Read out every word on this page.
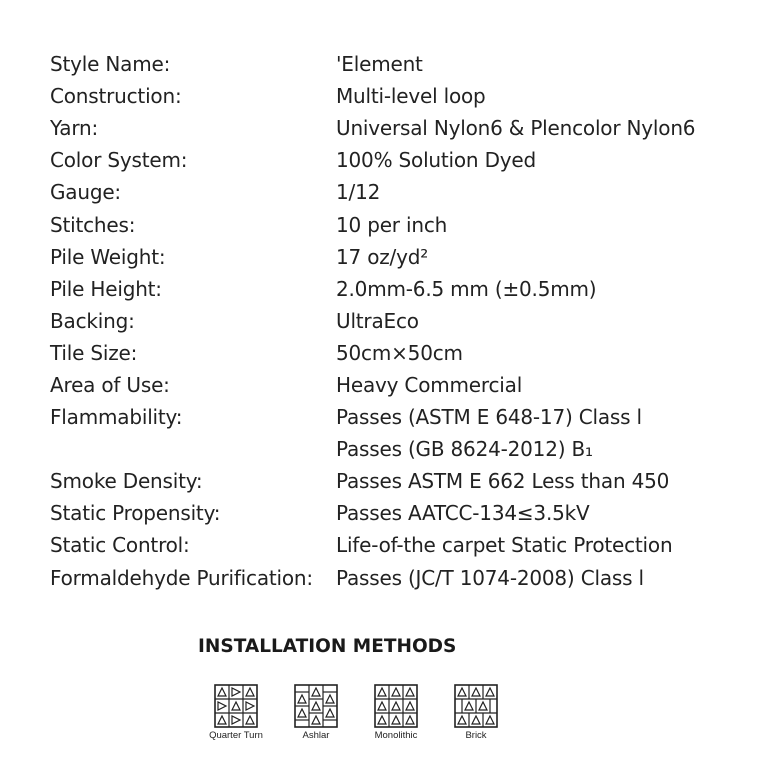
Style Name:	'Element
Construction:	Multi-level loop
Yarn:	Universal Nylon6 & Plencolor Nylon6
Color System:	100% Solution Dyed
Gauge:	1/12
Stitches:	10 per inch
Pile Weight:	17 oz/yd²
Pile Height:	2.0mm-6.5 mm (±0.5mm)
Backing:	UltraEco
Tile Size:	50cm×50cm
Area of Use:	Heavy Commercial
Flammability:	Passes (ASTM E 648-17) Class l
Passes (GB 8624-2012) B₁
Smoke Density:	Passes ASTM E 662 Less than 450
Static Propensity:	Passes AATCC-134≤3.5kV
Static Control:	Life-of-the carpet Static Protection
Formaldehyde Purification:	Passes (JC/T 1074-2008) Class l
INSTALLATION METHODS
Quarter Turn	Ashlar	Monolithic	Brick
